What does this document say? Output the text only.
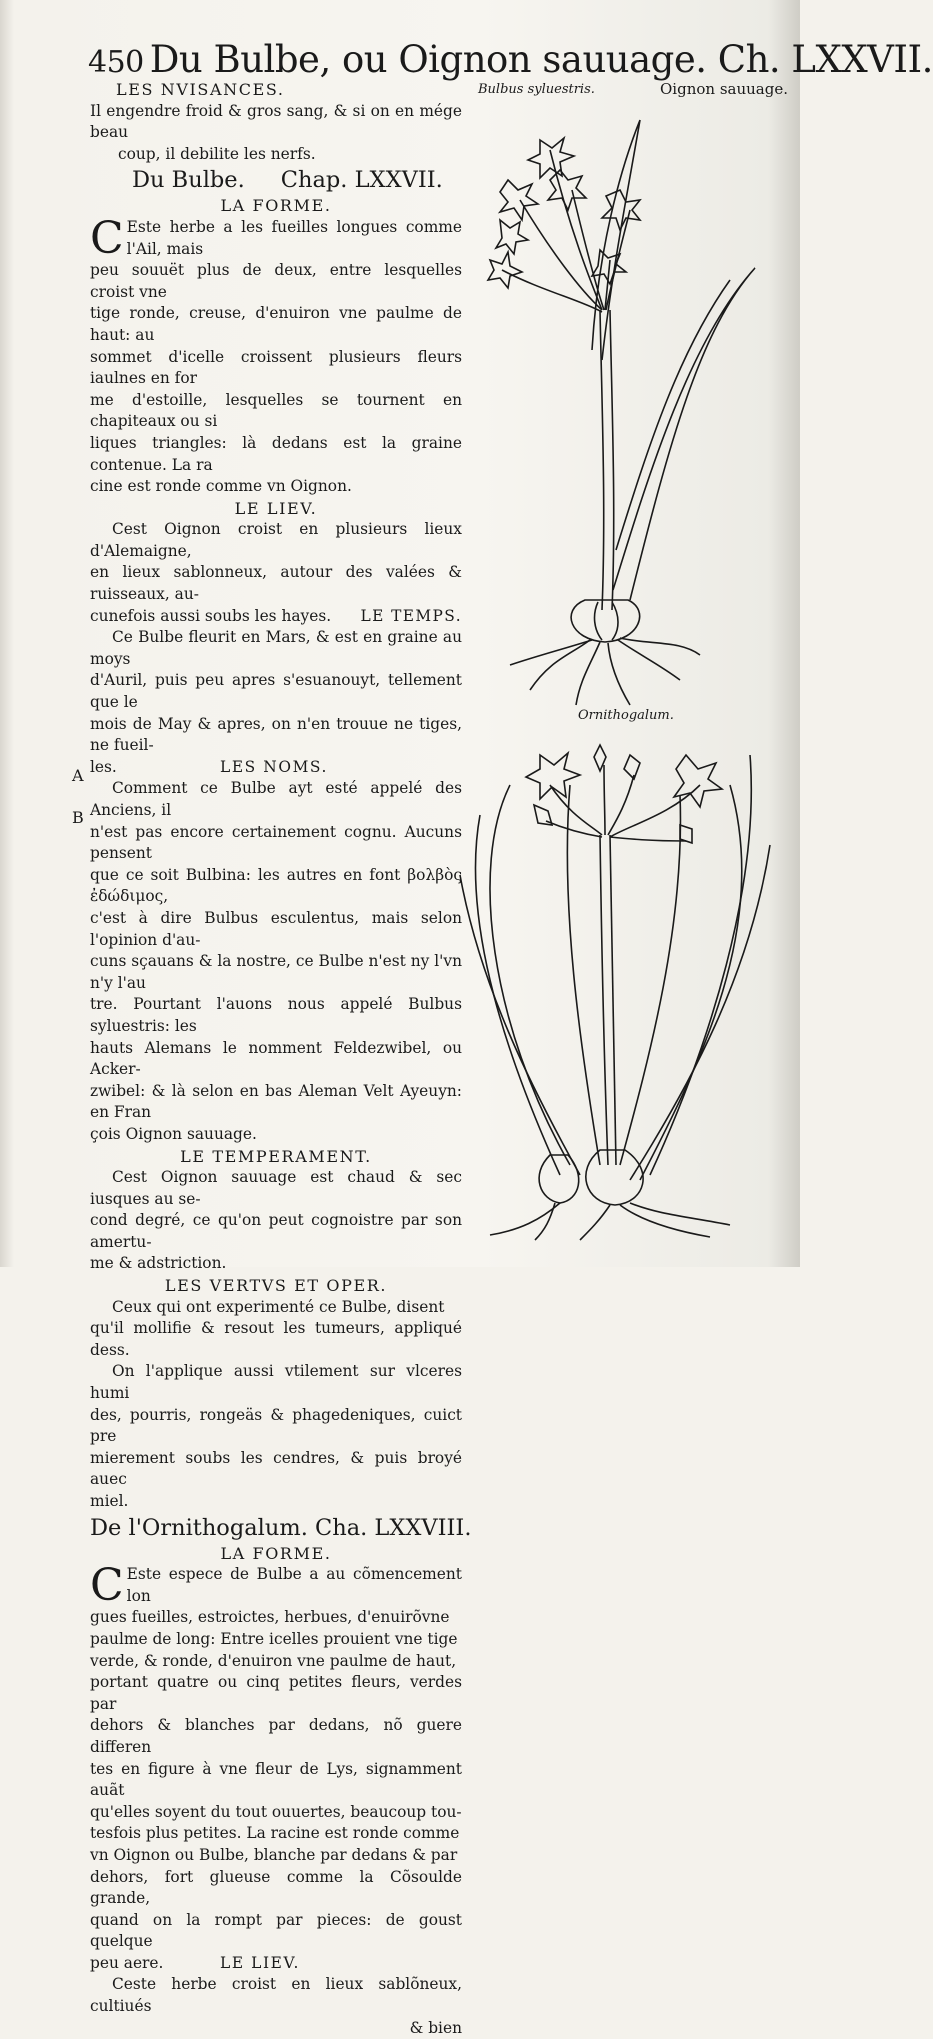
450 Du Bulbe, ou Oignon sauuage. Ch. LXXVII.
Bulbus syluestris.	Oignon sauuage.
Ornithogalum.

LES NVISANCES.
Il engendre froid & gros sang, & si on en mége beau
coup, il debilite les nerfs.
Du Bulbe. Chap. LXXVII.
LA FORME.
C Este herbe a les fueilles longues comme l'Ail, mais
peu souuët plus de deux, entre lesquelles croist vne
tige ronde, creuse, d'enuiron vne paulme de haut: au
sommet d'icelle croissent plusieurs fleurs iaulnes en for
me d'estoille, lesquelles se tournent en chapiteaux ou si
liques triangles: là dedans est la graine contenue. La ra
cine est ronde comme vn Oignon.
LE LIEV.
Cest Oignon croist en plusieurs lieux d'Alemaigne,
en lieux sablonneux, autour des valées & ruisseaux, au-
cunefois aussi soubs les hayes. LE TEMPS.
Ce Bulbe fleurit en Mars, & est en graine au moys
d'Auril, puis peu apres s'esuanouyt, tellement que le
mois de May & apres, on n'en trouue ne tiges, ne fueil-
les.	LES NOMS.
Comment ce Bulbe ayt esté appelé des Anciens, il
n'est pas encore certainement cognu. Aucuns pensent
que ce soit Bulbina: les autres en font βολβὸς ἐδώδιμος,
c'est à dire Bulbus esculentus, mais selon l'opinion d'au-
cuns sçauans & la nostre, ce Bulbe n'est ny l'vn n'y l'au
tre. Pourtant l'auons nous appelé Bulbus syluestris: les
hauts Alemans le nomment Feldezwibel, ou Acker-
zwibel: & là selon en bas Aleman Velt Ayeuyn: en Fran
çois Oignon sauuage.
LE TEMPERAMENT.
Cest Oignon sauuage est chaud & sec iusques au se-
cond degré, ce qu'on peut cognoistre par son amertu-
me & adstriction.
LES VERTVS ET OPER.
Ceux qui ont experimenté ce Bulbe, disent
qu'il mollifie & resout les tumeurs, appliqué dess.
On l'applique aussi vtilement sur vlceres humi
des, pourris, rongeäs & phagedeniques, cuict pre
mierement soubs les cendres, & puis broyé auec
miel.
De l'Ornithogalum. Cha. LXXVIII.
LA FORME.
C Este espece de Bulbe a au cõmencement lon
gues fueilles, estroictes, herbues, d'enuirõvne
paulme de long: Entre icelles prouient vne tige
verde, & ronde, d'enuiron vne paulme de haut,
portant quatre ou cinq petites fleurs, verdes par
dehors & blanches par dedans, nõ guere differen
tes en figure à vne fleur de Lys, signamment auãt
qu'elles soyent du tout ouuertes, beaucoup tou-
tesfois plus petites. La racine est ronde comme
vn Oignon ou Bulbe, blanche par dedans & par
dehors, fort glueuse comme la Cõsoulde grande,
quand on la rompt par pieces: de goust quelque
peu aere.	LE LIEV.
Ceste herbe croist en lieux sablõneux, cultiués
& bien
A
B
